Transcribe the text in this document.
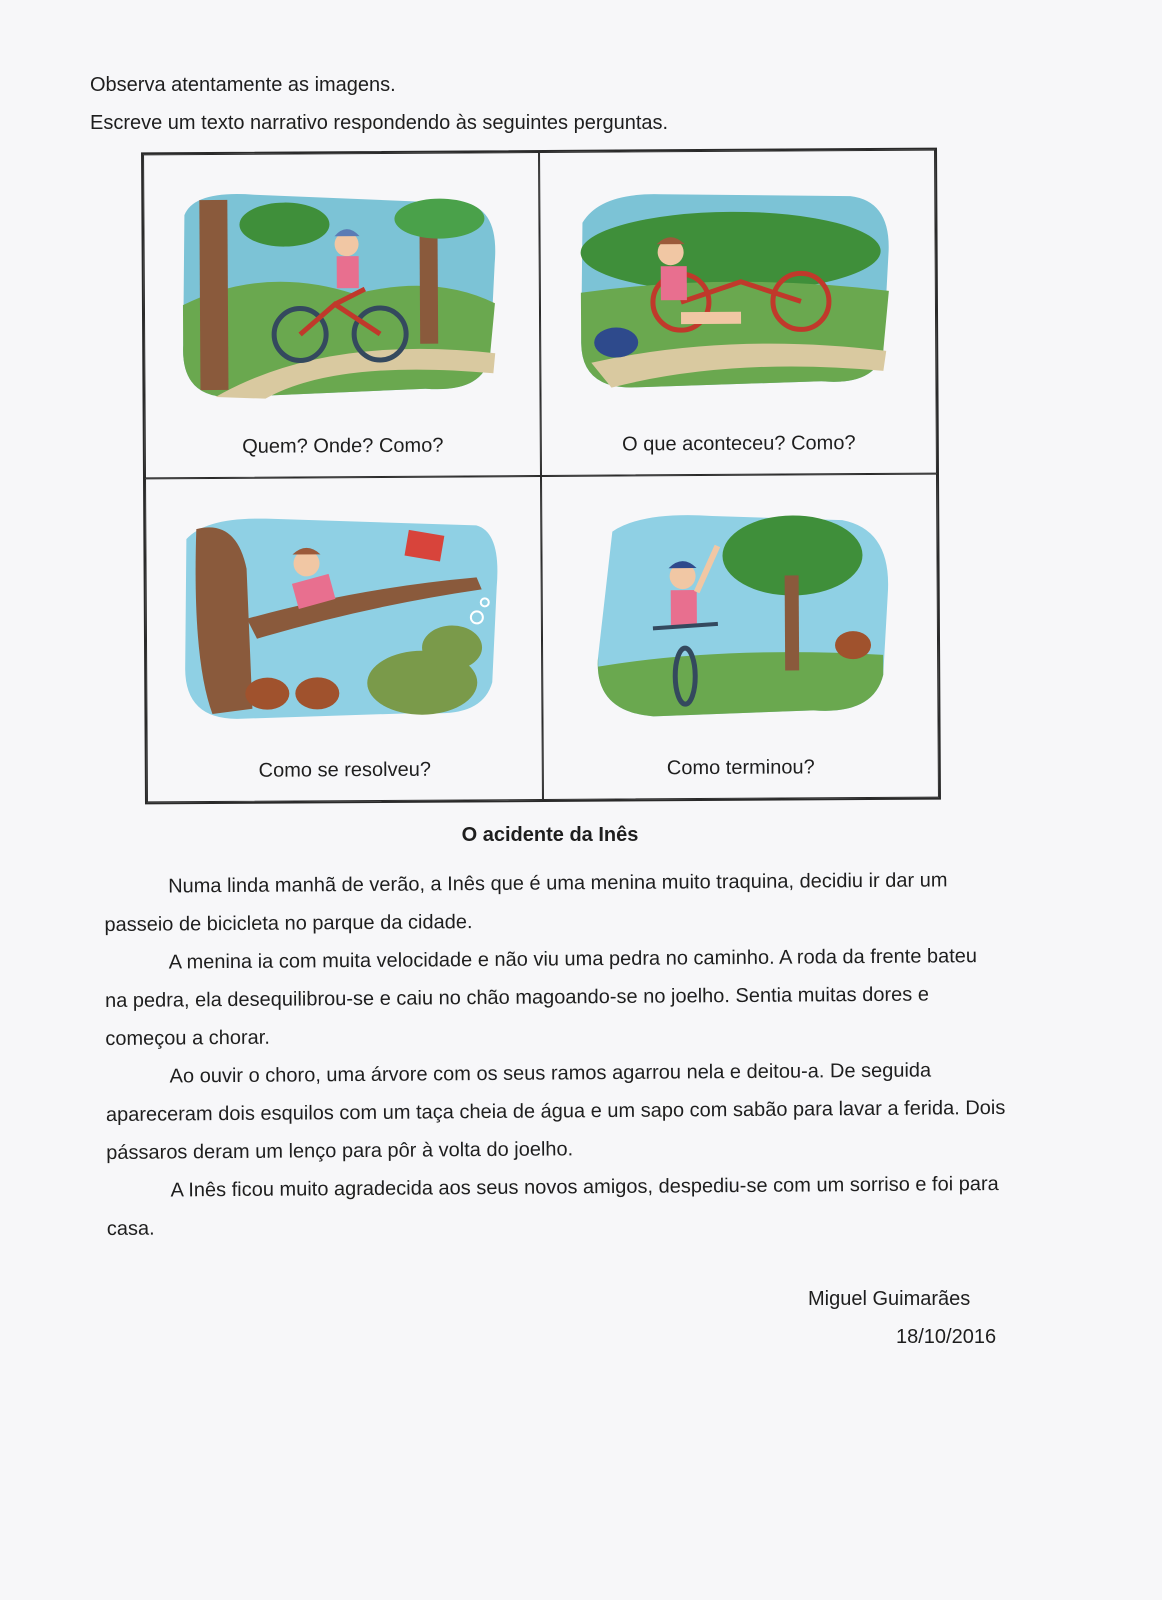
Observa atentamente as imagens.
Escreve um texto narrativo respondendo às seguintes perguntas.
Quem? Onde? Como?	O que aconteceu? Como?
Como se resolveu?	Como terminou?
O acidente da Inês

Numa linda manhã de verão, a Inês que é uma menina muito traquina, decidiu ir dar um passeio de bicicleta no parque da cidade.

A menina ia com muita velocidade e não viu uma pedra no caminho. A roda da frente bateu na pedra, ela desequilibrou-se e caiu no chão magoando-se no joelho. Sentia muitas dores e começou a chorar.

Ao ouvir o choro, uma árvore com os seus ramos agarrou nela e deitou-a. De seguida apareceram dois esquilos com um taça cheia de água e um sapo com sabão para lavar a ferida. Dois pássaros deram um lenço para pôr à volta do joelho.

A Inês ficou muito agradecida aos seus novos amigos, despediu-se com um sorriso e foi para casa.

Miguel Guimarães
18/10/2016
